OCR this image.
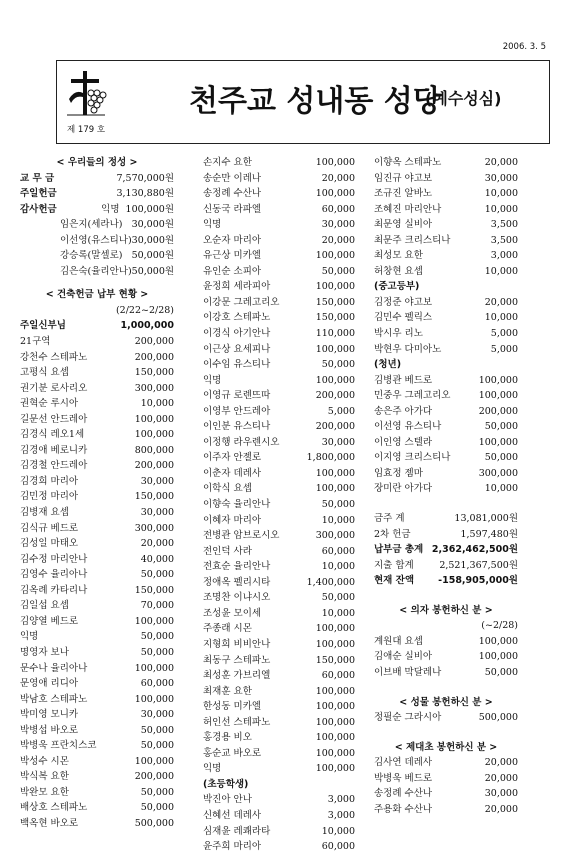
2006. 3. 5
제 179 호
천주교 성내동 성당
(예수성심)
< 우리들의 정성 >
교 무 금	7,570,000원
주일헌금	3,130,880원
감사헌금	익명 100,000원
임은지(세라나) 30,000원
이선영(유스티나) 30,000원
강승록(말셀로) 50,000원
김은숙(율리안나) 50,000원
< 건축헌금 납부 현황 >
(2/22~2/28)
주일신부님	1,000,000
21구역	200,000
강천수 스테파노	200,000
고평식 요셉	150,000
권기분 로사리오	300,000
권혁순 루시아	10,000
길문선 안드레아	100,000
김경식 레오1세	100,000
김경애 베로니카	800,000
김경철 안드레아	200,000
김경희 마리아	30,000
김민정 마리아	150,000
김병재 요셉	30,000
김식규 베드로	300,000
김성일 마태오	20,000
김수정 마리안나	40,000
김영수 율리아나	50,000
김옥례 카타리나	150,000
김일섭 요셉	70,000
김양열 베드로	100,000
익명	50,000
명영자 보나	50,000
문수나 율리아나	100,000
문영애 리디아	60,000
박남호 스테파노	100,000
박미영 모니카	30,000
박병섭 바오로	50,000
박병욱 프란치스코	50,000
박성수 시몬	100,000
박식복 요한	200,000
박완모 요한	50,000
배상호 스테파노	50,000
백옥현 바오로	500,000
손지수 요한	100,000
송순만 이레나	20,000
송정례 수산나	100,000
신동국 라파엘	60,000
익명	30,000
오순자 마리아	20,000
유근상 미카엘	100,000
유인순 소피아	50,000
윤정희 세라피아	100,000
이강문 그레고리오	150,000
이강호 스테파노	150,000
이경식 아기안나	110,000
이근상 요세피나	100,000
이수임 유스티나	50,000
익명	100,000
이영규 로렌뜨따	200,000
이영부 안드레아	5,000
이인분 유스티나	200,000
이정행 라우렌시오	30,000
이주자 안젤로	1,800,000
이춘자 데레사	100,000
이학식 요셉	100,000
이향숙 율리안나	50,000
이혜자 마리아	10,000
전병관 암브로시오	300,000
전인덕 사라	60,000
전효순 율리안나	10,000
정애옥 펠리시타	1,400,000
조명찬 이냐시오	50,000
조성윤 모이세	10,000
주종래 시몬	100,000
지형희 비비안나	100,000
최동구 스테파노	150,000
최성훈 가브리엘	60,000
최재훈 요한	100,000
한성동 미카엘	100,000
허인선 스테파노	100,000
홍경용 비오	100,000
홍순교 바오로	100,000
익명	100,000
(초등학생)
박진아 안나	3,000
신혜선 데레사	3,000
심재윤 레쾌라타	10,000
윤주희 마리아	60,000
이향옥 스테파노	20,000
임진규 야고보	30,000
조규진 알바노	10,000
조혜진 마리안나	10,000
최문영 실비아	3,500
최문주 크리스티나	3,500
최성모 요한	3,000
허창현 요셉	10,000
(중고등부)
김정준 야고보	20,000
김민수 펠릭스	10,000
박시우 리노	5,000
박현우 다미아노	5,000
(청년)
김병관 베드로	100,000
민중우 그레고리오	100,000
송은주 아가다	200,000
이선영 유스티나	50,000
이인영 스텔라	100,000
이지영 크리스티나	50,000
임효정 젬마	300,000
장미란 아가다	10,000
금주 계	13,081,000원
2차 헌금	1,597,480원
납부금 총계 2,362,462,500원
지출 합계	2,521,367,500원
현재 잔액	-158,905,000원
< 의자 봉헌하신 분 >
(~2/28)
계원대 요셉	100,000
김애순 실비아	100,000
이브배 막달레나	50,000
< 성물 봉헌하신 분 >
정필순 그라시아	500,000
< 제대초 봉헌하신 분 >
김사연 데레사	20,000
박병욱 베드로	20,000
송정례 수산나	30,000
주용화 수산나	20,000
